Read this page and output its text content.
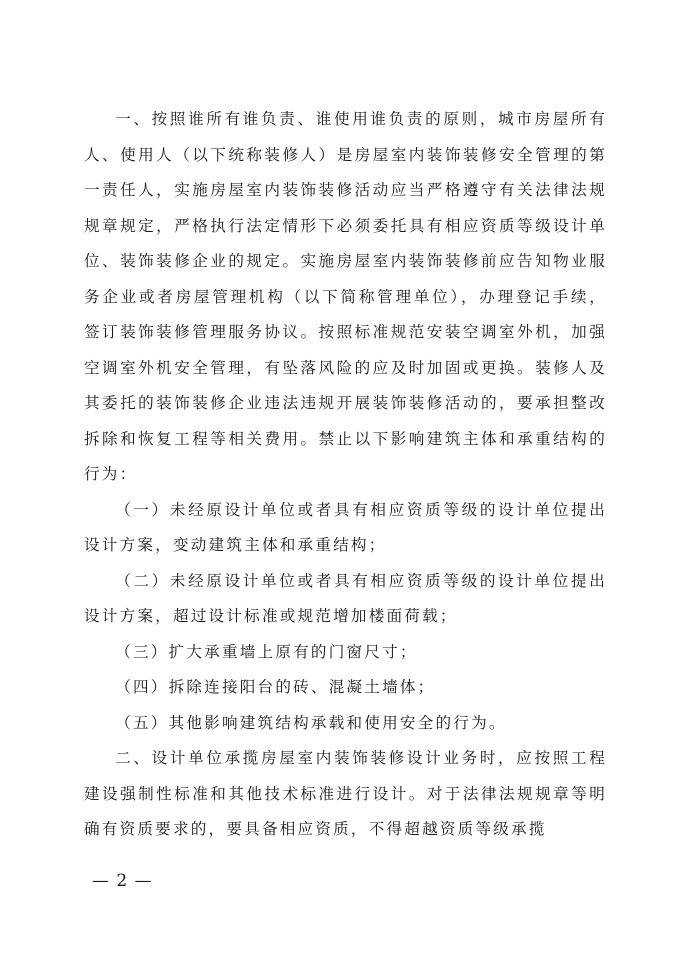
一、按照谁所有谁负责、谁使用谁负责的原则，城市房屋所有人、使用人（以下统称装修人）是房屋室内装饰装修安全管理的第一责任人，实施房屋室内装饰装修活动应当严格遵守有关法律法规规章规定，严格执行法定情形下必须委托具有相应资质等级设计单位、装饰装修企业的规定。实施房屋室内装饰装修前应告知物业服务企业或者房屋管理机构（以下简称管理单位），办理登记手续，签订装饰装修管理服务协议。按照标准规范安装空调室外机，加强空调室外机安全管理，有坠落风险的应及时加固或更换。装修人及其委托的装饰装修企业违法违规开展装饰装修活动的，要承担整改拆除和恢复工程等相关费用。禁止以下影响建筑主体和承重结构的行为：

（一）未经原设计单位或者具有相应资质等级的设计单位提出设计方案，变动建筑主体和承重结构；

（二）未经原设计单位或者具有相应资质等级的设计单位提出设计方案，超过设计标准或规范增加楼面荷载；

（三）扩大承重墙上原有的门窗尺寸；

（四）拆除连接阳台的砖、混凝土墙体；

（五）其他影响建筑结构承载和使用安全的行为。

二、设计单位承揽房屋室内装饰装修设计业务时，应按照工程建设强制性标准和其他技术标准进行设计。对于法律法规规章等明确有资质要求的，要具备相应资质，不得超越资质等级承揽

— 2 —
